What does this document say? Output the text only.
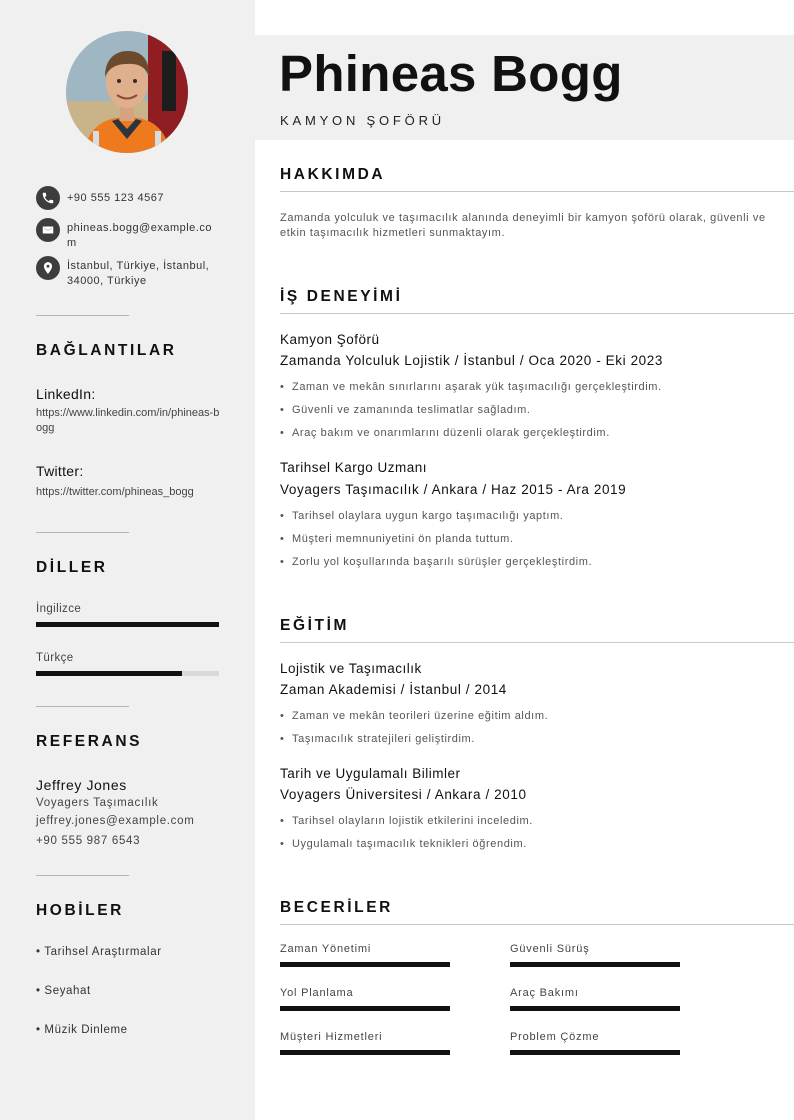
+90 555 123 4567
phineas.bogg@example.com
İstanbul, Türkiye, İstanbul, 34000, Türkiye
BAĞLANTILAR
LinkedIn:
https://www.linkedin.com/in/phineas-bogg
Twitter:
https://twitter.com/phineas_bogg
DİLLER
İngilizce
Türkçe
REFERANS
Jeffrey Jones
Voyagers Taşımacılık
jeffrey.jones@example.com
+90 555 987 6543
HOBİLER
• Tarihsel Araştırmalar
• Seyahat
• Müzik Dinleme
Phineas Bogg
KAMYON ŞOFÖRÜ
HAKKIMDA
Zamanda yolculuk ve taşımacılık alanında deneyimli bir kamyon şoförü olarak, güvenli ve etkin taşımacılık hizmetleri sunmaktayım.
İŞ DENEYİMİ
Kamyon Şoförü
Zamanda Yolculuk Lojistik / İstanbul / Oca 2020 - Eki 2023
• Zaman ve mekân sınırlarını aşarak yük taşımacılığı gerçekleştirdim.
• Güvenli ve zamanında teslimatlar sağladım.
• Araç bakım ve onarımlarını düzenli olarak gerçekleştirdim.
Tarihsel Kargo Uzmanı
Voyagers Taşımacılık / Ankara / Haz 2015 - Ara 2019
• Tarihsel olaylara uygun kargo taşımacılığı yaptım.
• Müşteri memnuniyetini ön planda tuttum.
• Zorlu yol koşullarında başarılı sürüşler gerçekleştirdim.
EĞİTİM
Lojistik ve Taşımacılık
Zaman Akademisi / İstanbul / 2014
• Zaman ve mekân teorileri üzerine eğitim aldım.
• Taşımacılık stratejileri geliştirdim.
Tarih ve Uygulamalı Bilimler
Voyagers Üniversitesi / Ankara / 2010
• Tarihsel olayların lojistik etkilerini inceledim.
• Uygulamalı taşımacılık teknikleri öğrendim.
BECERİLER
Zaman Yönetimi	Güvenli Sürüş
Yol Planlama	Araç Bakımı
Müşteri Hizmetleri	Problem Çözme
